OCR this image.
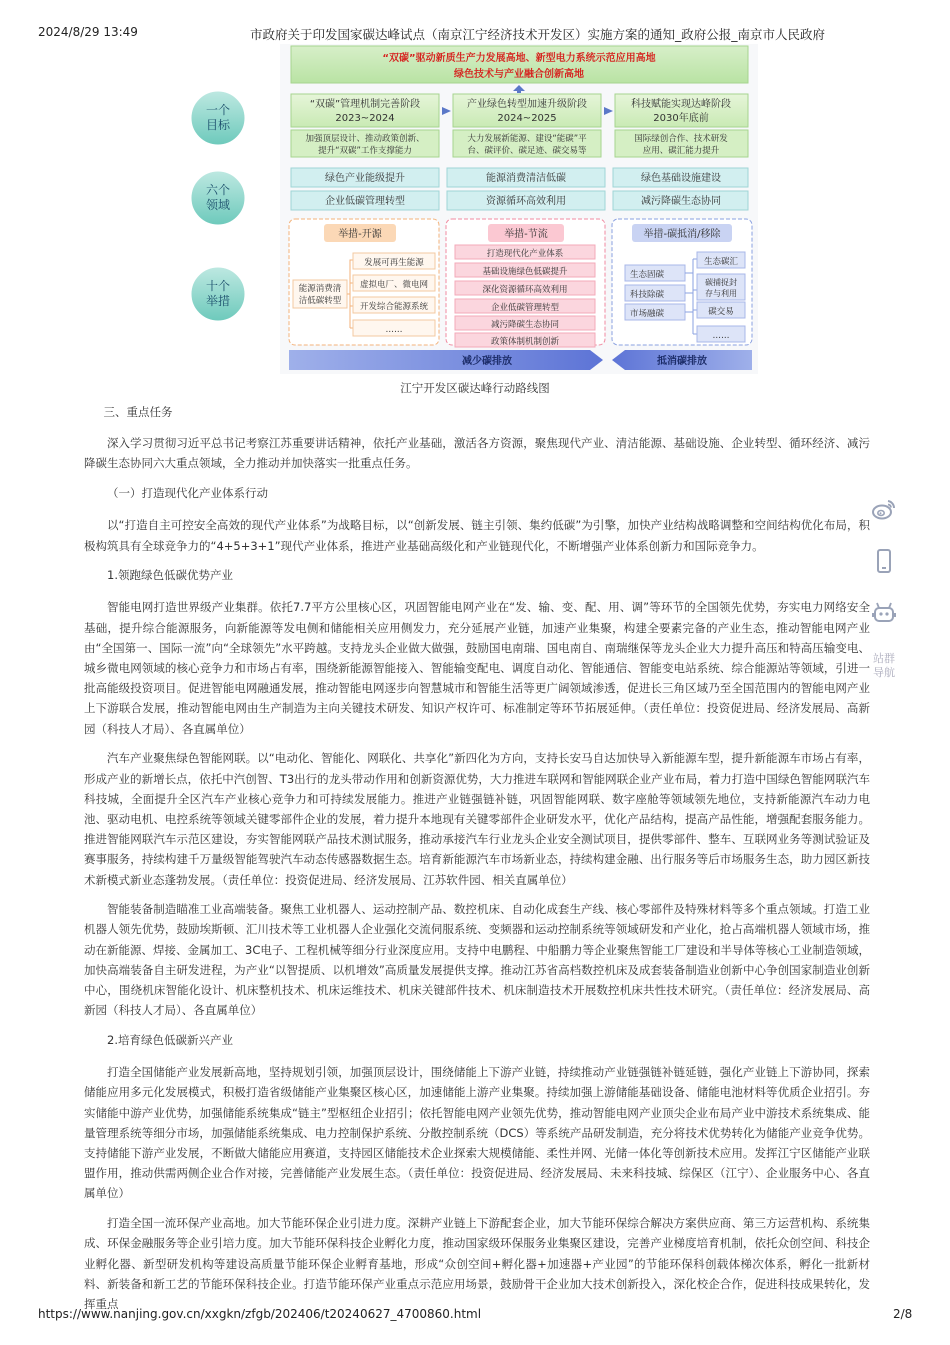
2024/8/29 13:49	市政府关于印发国家碳达峰试点（南京江宁经济技术开发区）实施方案的通知_政府公报_南京市人民政府
站群导航
“双碳”驱动新质生产力发展高地、新型电力系统示范应用高地
绿色技术与产业融合创新高地
一个
目标
六个
领域
十个
举措
“双碳”管理机制完善阶段
2023~2024
加强顶层设计、推动政策创新、
提升“双碳”工作支撑能力
产业绿色转型加速升级阶段
2024~2025
大力发展新能源、建设“能碳”平
台、碳评价、碳足迹、碳交易等
科技赋能实现达峰阶段
2030年底前
国际绿创合作、技术研发
应用、碳汇能力提升
绿色产业能级提升	能源消费清洁低碳	绿色基础设施建设
企业低碳管理转型	资源循环高效利用	减污降碳生态协同
举措-开源
能源消费清
洁低碳转型
发展可再生能源
虚拟电厂、微电网
开发综合能源系统
……
举措-节流
打造现代化产业体系
基础设施绿色低碳提升
深化资源循环高效利用
企业低碳管理转型
减污降碳生态协同
政策体制机制创新
举措-碳抵消/移除
生态固碳
科技除碳
市场融碳
生态碳汇
碳捕捉封
存与利用
碳交易
……
减少碳排放	抵消碳排放
江宁开发区碳达峰行动路线图

三、重点任务

深入学习贯彻习近平总书记考察江苏重要讲话精神，依托产业基础，激活各方资源，聚焦现代产业、清洁能源、基础设施、企业转型、循环经济、减污降碳生态协同六大重点领域，全力推动并加快落实一批重点任务。

（一）打造现代化产业体系行动

以“打造自主可控安全高效的现代产业体系”为战略目标，以“创新发展、链主引领、集约低碳”为引擎，加快产业结构战略调整和空间结构优化布局，积极构筑具有全球竞争力的“4+5+3+1”现代产业体系，推进产业基础高级化和产业链现代化，不断增强产业体系创新力和国际竞争力。

1.领跑绿色低碳优势产业

智能电网打造世界级产业集群。依托7.7平方公里核心区，巩固智能电网产业在“发、输、变、配、用、调”等环节的全国领先优势，夯实电力网络安全基础，提升综合能源服务，向新能源等发电侧和储能相关应用侧发力，充分延展产业链，加速产业集聚，构建全要素完备的产业生态，推动智能电网产业由“全国第一、国际一流”向“全球领先”水平跨越。支持龙头企业做大做强，鼓励国电南瑞、国电南自、南瑞继保等龙头企业大力提升高压和特高压输变电、城乡微电网领域的核心竞争力和市场占有率，围绕新能源智能接入、智能输变配电、调度自动化、智能通信、智能变电站系统、综合能源站等领域，引进一批高能级投资项目。促进智能电网融通发展，推动智能电网逐步向智慧城市和智能生活等更广阔领域渗透，促进长三角区域乃至全国范围内的智能电网产业上下游联合发展，推动智能电网由生产制造为主向关键技术研发、知识产权许可、标准制定等环节拓展延伸。（责任单位：投资促进局、经济发展局、高新园（科技人才局）、各直属单位）

汽车产业聚焦绿色智能网联。以“电动化、智能化、网联化、共享化”新四化为方向，支持长安马自达加快导入新能源车型，提升新能源车市场占有率，形成产业的新增长点，依托中汽创智、T3出行的龙头带动作用和创新资源优势，大力推进车联网和智能网联企业产业布局，着力打造中国绿色智能网联汽车科技城，全面提升全区汽车产业核心竞争力和可持续发展能力。推进产业链强链补链，巩固智能网联、数字座舱等领域领先地位，支持新能源汽车动力电池、驱动电机、电控系统等领域关键零部件企业的发展，着力提升本地现有关键零部件企业研发水平，优化产品结构，提高产品性能，增强配套服务能力。推进智能网联汽车示范区建设，夯实智能网联产品技术测试服务，推动承接汽车行业龙头企业安全测试项目，提供零部件、整车、互联网业务等测试验证及赛事服务，持续构建千万量级智能驾驶汽车动态传感器数据生态。培育新能源汽车市场新业态，持续构建金融、出行服务等后市场服务生态，助力园区新技术新模式新业态蓬勃发展。（责任单位：投资促进局、经济发展局、江苏软件园、相关直属单位）

智能装备制造瞄准工业高端装备。聚焦工业机器人、运动控制产品、数控机床、自动化成套生产线、核心零部件及特殊材料等多个重点领域。打造工业机器人领先优势，鼓励埃斯顿、汇川技术等工业机器人企业强化交流伺服系统、变频器和运动控制系统等领域研发和产业化，抢占高端机器人领域市场，推动在新能源、焊接、金属加工、3C电子、工程机械等细分行业深度应用。支持中电鹏程、中船鹏力等企业聚焦智能工厂建设和半导体等核心工业制造领域，加快高端装备自主研发进程，为产业“以智提质、以机增效”高质量发展提供支撑。推动江苏省高档数控机床及成套装备制造业创新中心争创国家制造业创新中心，围绕机床智能化设计、机床整机技术、机床运维技术、机床关键部件技术、机床制造技术开展数控机床共性技术研究。（责任单位：经济发展局、高新园（科技人才局）、各直属单位）

2.培育绿色低碳新兴产业

打造全国储能产业发展新高地，坚持规划引领，加强顶层设计，围绕储能上下游产业链，持续推动产业链强链补链延链，强化产业链上下游协同，探索储能应用多元化发展模式，积极打造省级储能产业集聚区核心区，加速储能上游产业集聚。持续加强上游储能基础设备、储能电池材料等优质企业招引。夯实储能中游产业优势，加强储能系统集成“链主”型枢纽企业招引；依托智能电网产业领先优势，推动智能电网产业顶尖企业布局产业中游技术系统集成、能量管理系统等细分市场，加强储能系统集成、电力控制保护系统、分散控制系统（DCS）等系统产品研发制造，充分将技术优势转化为储能产业竞争优势。支持储能下游产业发展，不断做大储能应用赛道，支持园区储能技术企业探索大规模储能、柔性并网、光储一体化等创新技术应用。发挥江宁区储能产业联盟作用，推动供需两侧企业合作对接，完善储能产业发展生态。（责任单位：投资促进局、经济发展局、未来科技城、综保区（江宁）、企业服务中心、各直属单位）

打造全国一流环保产业高地。加大节能环保企业引进力度。深耕产业链上下游配套企业，加大节能环保综合解决方案供应商、第三方运营机构、系统集成、环保金融服务等企业引培力度。加大节能环保科技企业孵化力度，推动国家级环保服务业集聚区建设，完善产业梯度培育机制，依托众创空间、科技企业孵化器、新型研发机构等建设高质量节能环保企业孵育基地，形成“众创空间+孵化器+加速器+产业园”的节能环保科创载体梯次体系，孵化一批新材料、新装备和新工艺的节能环保科技企业。打造节能环保产业重点示范应用场景，鼓励骨干企业加大技术创新投入，深化校企合作，促进科技成果转化，发挥重点

https://www.nanjing.gov.cn/xxgkn/zfgb/202406/t20240627_4700860.html	2/8
